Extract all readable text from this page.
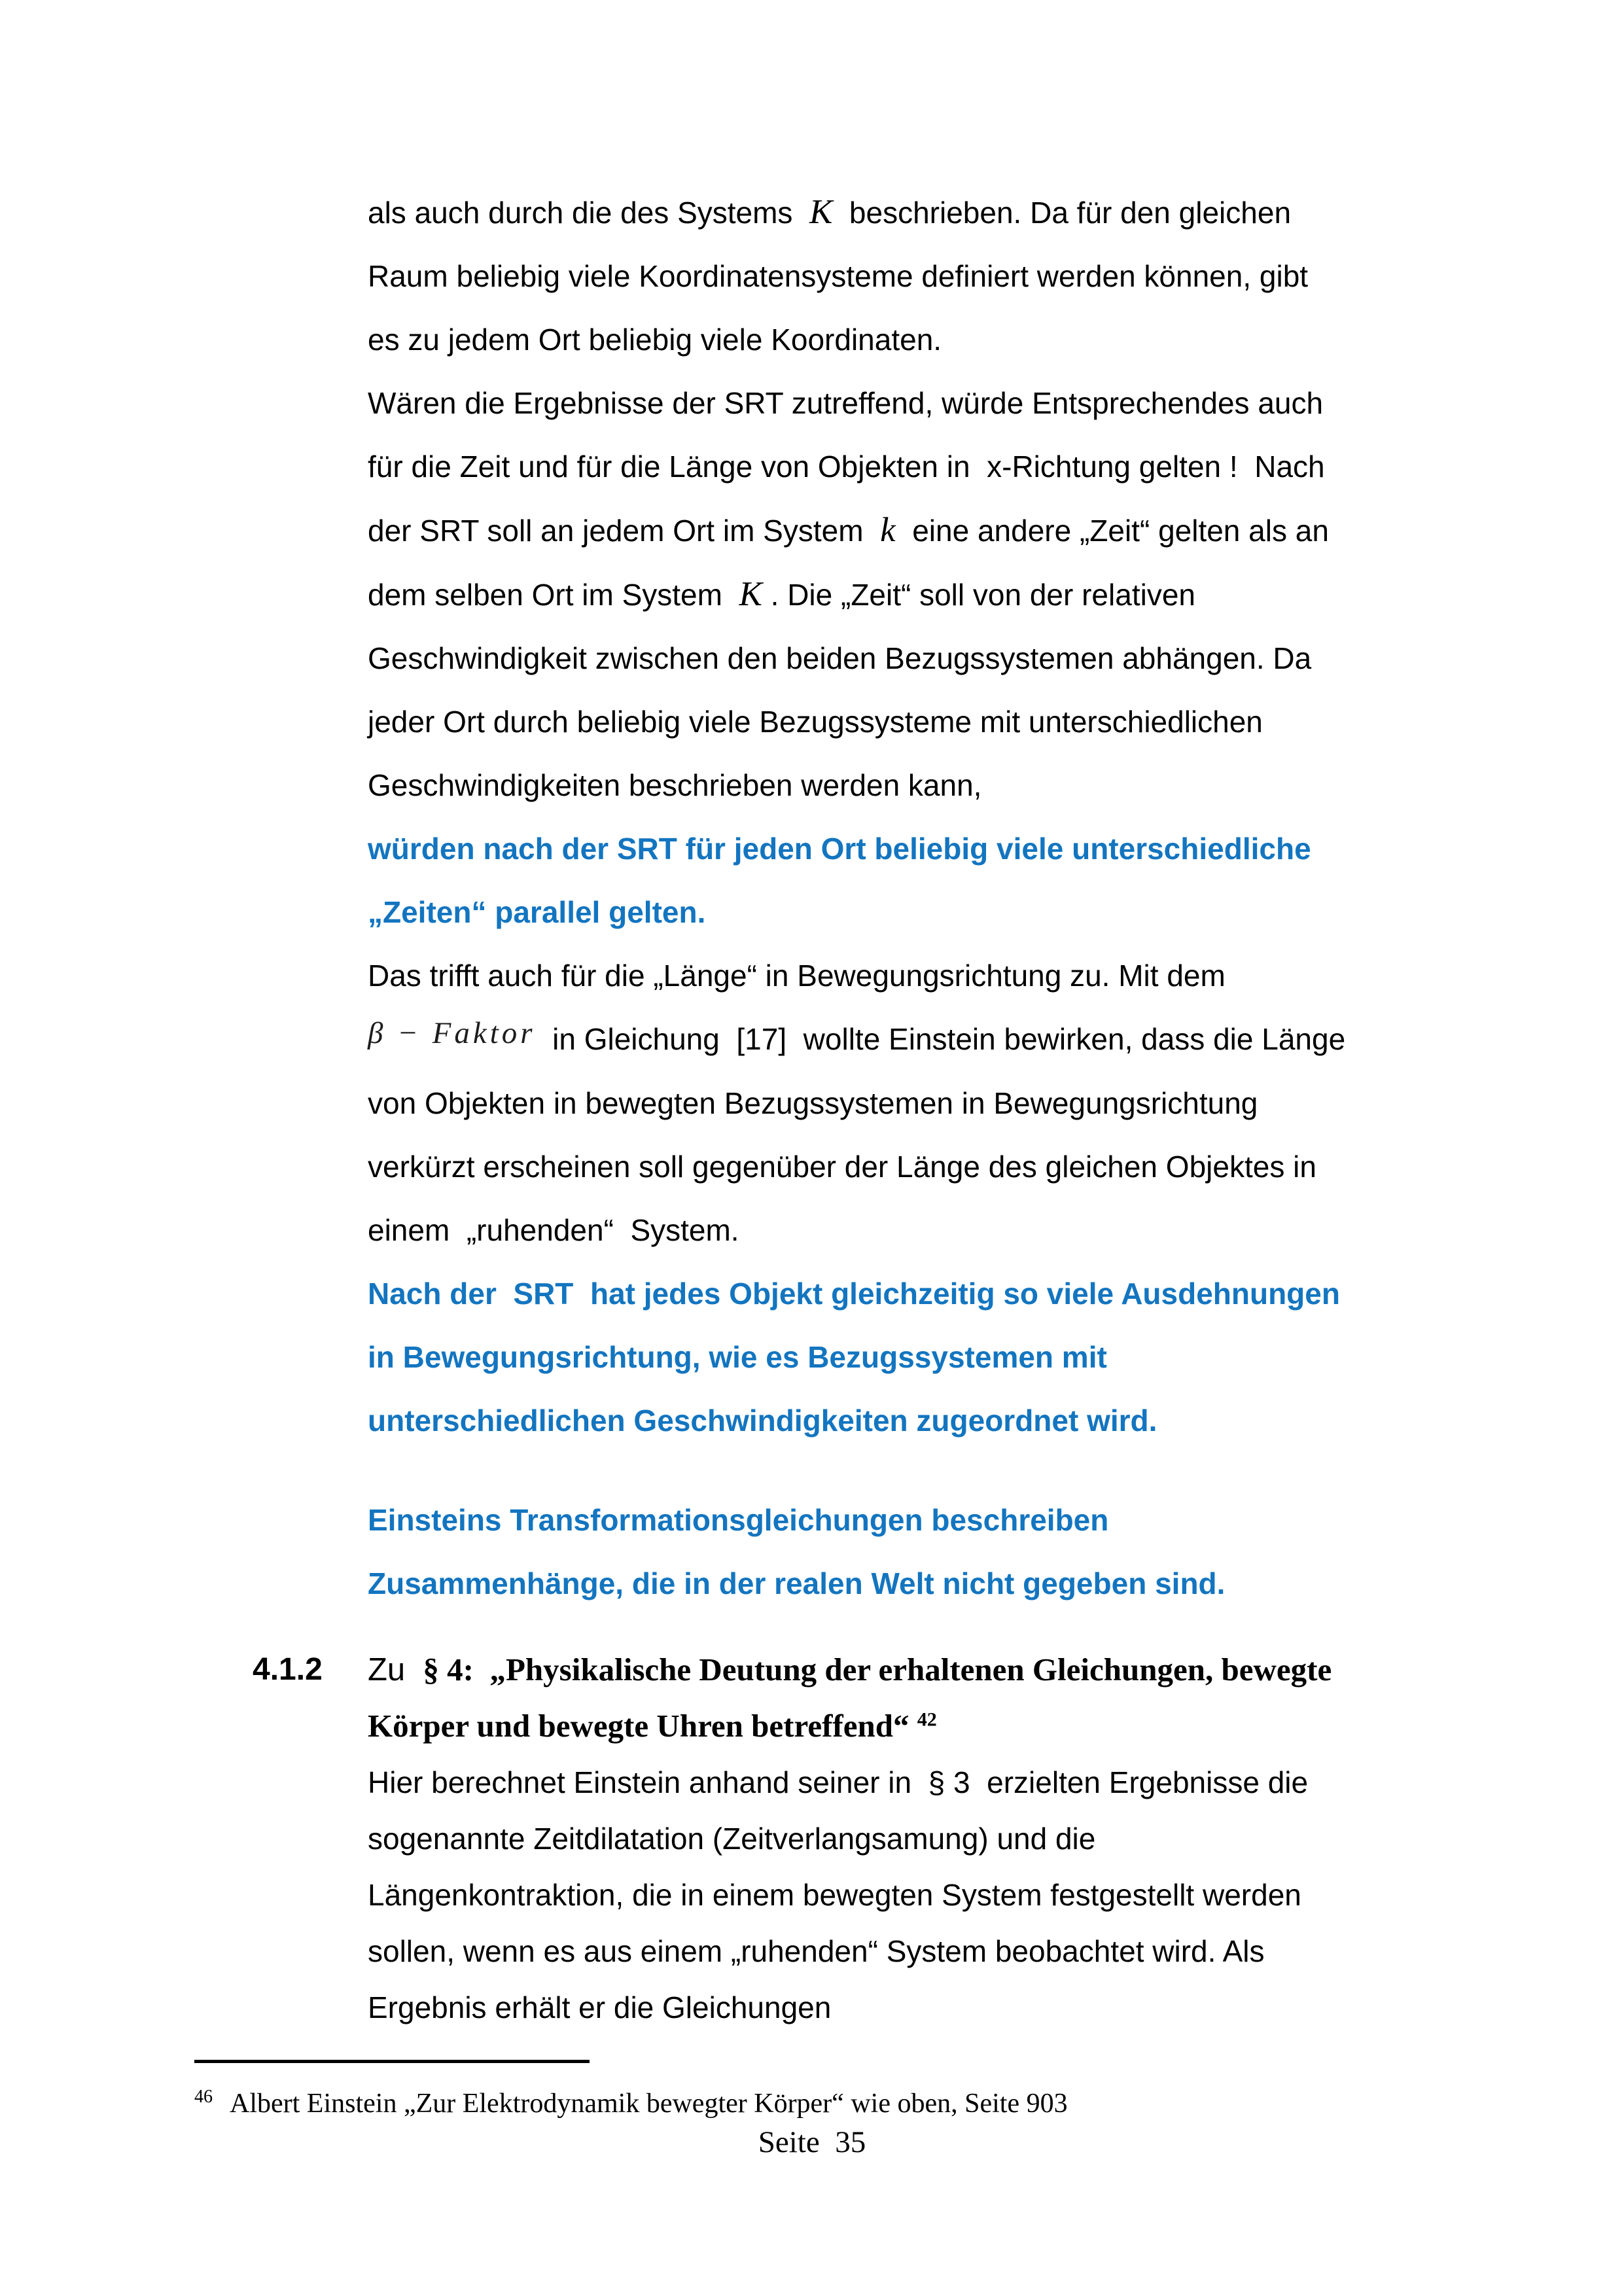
als auch durch die des Systems  K  beschrieben. Da für den gleichen
Raum beliebig viele Koordinatensysteme definiert werden können, gibt
es zu jedem Ort beliebig viele Koordinaten.
Wären die Ergebnisse der SRT zutreffend, würde Entsprechendes auch
für die Zeit und für die Länge von Objekten in  x-Richtung gelten !  Nach
der SRT soll an jedem Ort im System  k  eine andere „Zeit“ gelten als an
dem selben Ort im System  K . Die „Zeit“ soll von der relativen
Geschwindigkeit zwischen den beiden Bezugssystemen abhängen. Da
jeder Ort durch beliebig viele Bezugssysteme mit unterschiedlichen
Geschwindigkeiten beschrieben werden kann,
würden nach der SRT für jeden Ort beliebig viele unterschiedliche
„Zeiten“ parallel gelten.
Das trifft auch für die „Länge“ in Bewegungsrichtung zu. Mit dem
β − Faktor  in Gleichung  [17]  wollte Einstein bewirken, dass die Länge
von Objekten in bewegten Bezugssystemen in Bewegungsrichtung
verkürzt erscheinen soll gegenüber der Länge des gleichen Objektes in
einem  „ruhenden“  System.
Nach der  SRT  hat jedes Objekt gleichzeitig so viele Ausdehnungen
in Bewegungsrichtung, wie es Bezugssystemen mit
unterschiedlichen Geschwindigkeiten zugeordnet wird.
Einsteins Transformationsgleichungen beschreiben
Zusammenhänge, die in der realen Welt nicht gegeben sind.
4.1.2 Zu  § 4:  „Physikalische Deutung der erhaltenen Gleichungen, bewegte
Körper und bewegte Uhren betreffend“ $^{42}$
Hier berechnet Einstein anhand seiner in  § 3  erzielten Ergebnisse die
sogenannte Zeitdilatation (Zeitverlangsamung) und die
Längenkontraktion, die in einem bewegten System festgestellt werden
sollen, wenn es aus einem „ruhenden“ System beobachtet wird. Als
Ergebnis erhält er die Gleichungen
$^{46}$ Albert Einstein „Zur Elektrodynamik bewegter Körper“ wie oben, Seite 903
Seite  35
